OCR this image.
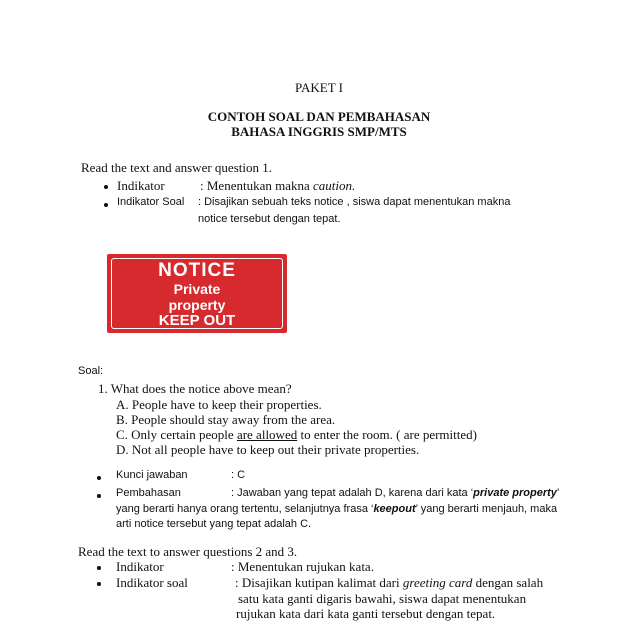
PAKET I
CONTOH SOAL DAN PEMBAHASAN
BAHASA INGGRIS SMP/MTS
Read the text and answer question 1.
Indikator	: Menentukan makna caution.
Indikator Soal : Disajikan sebuah teks notice , siswa dapat menentukan makna
notice tersebut dengan tepat.
NOTICE
Private
property
KEEP OUT
Soal:
1. What does the notice above mean?
A. People have to keep their properties.
B. People should stay away from the area.
C. Only certain people are allowed to enter the room. ( are permitted)
D. Not all people have to keep out their private properties.
Kunci jawaban	: C
Pembahasan	: Jawaban yang tepat adalah D, karena dari kata ‘private property’
yang berarti hanya orang tertentu, selanjutnya frasa ‘keepout’ yang berarti menjauh, maka
arti notice tersebut yang tepat adalah C.
Read the text to answer questions 2 and 3.
Indikator	: Menentukan rujukan kata.
Indikator soal	: Disajikan kutipan kalimat dari greeting card dengan salah
satu kata ganti digaris bawahi, siswa dapat menentukan
rujukan kata dari kata ganti tersebut dengan tepat.
